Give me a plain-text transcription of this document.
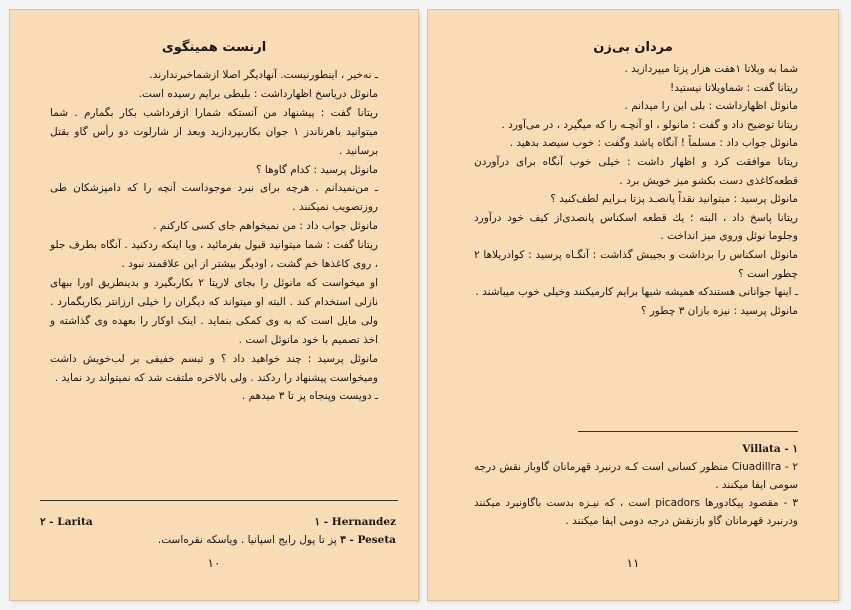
ارنست همینگوی

ـ نه‌خیر ، اینطورنیست. آنهادیگر اصلا ازشماخبرندارند.

مانوئل دریاسخ اظهارداشت : بلیطی برایم رسیده است.

ریتانا گفت : پیشنهاد من آنستکه شمارا ازفرداشب بکار بگمارم . شما میتوانید باهرناندز ۱ جوان بکاربپردازید وبعد از شارلوت دو رأس گاو بقتل برسانید .

مانوئل پرسید : کدام گاوها ؟

ـ من‌نمیدانم . هرچه برای نبرد موجوداست آنچه را که دامپزشکان طی روزتصویب نمیکنند .

مانوئل جواب داد : من نمیخواهم جای کسی کارکنم .

ریتانا گفت : شما میتوانید قبول بفرمائید ، ویا اینکه ردکنید . آنگاه بطرف جلو ، روی کاغذها خم گشت ، اودیگر بیشتر از این علاقمند نبود .

او میخواست که مانوئل را بجای لاریتا ۲ بکاربگیرد و بدینطریق اورا ببهای نازلی استخدام کند . البته او میتواند که دیگران را خیلی ارزانتر بکاربگمارد . ولی مایل است که به وی کمکی بنماید . اینک اوکار را بعهده وی گذاشته و اخذ تصمیم با خود مانوئل است .

مانوئل پرسید : چند خواهید داد ؟ و تبسم خفیفی بر لب‌خویش داشت ومیخواست پیشنهاد را ردکند . ولی بالاخره ملتفت شد که نمیتواند رد نماید .

ـ دویست وپنجاه پز تا ۳ میدهم .

۱ - Hernandez
۲ - Larita

۳ - Peseta پز تا پول رایج اسپانیا . ویا‌سکه نقره‌است.

۱۰
مردان بی‌زن

شما به ویلاتا ۱هفت هزار پزتا میپردازید .

ریتانا گفت : شماویلاتا نیستید!

مانوئل اظهارداشت : بلی این را میدانم .

ریتانا توضیح داد و گفت : مانولو ، او آنچـه را که میگیرد ، در می‌آورد .

مانوئل جواب داد : مسلماً ! آنگاه پاشد وگفت : خوب سیصد بدهید .

ریتانا موافقت کرد و اظهار داشت : خیلی خوب آنگاه برای درآوردن قطعه‌کاغذی دست بکشو میز خویش برد .

مانوئل پرسید : میتوانید نقداً پانصـد پزتا بـرایم لطف‌کنید ؟

ریتانا پاسخ داد ، البته ؛ یك قطعه اسکناس پانصدی‌از کیف خود درآورد وجلوما نوئل وروی میز انداخت .

مانوئل اسکناس را برداشت و بجیبش گذاشت : آنگـاه پرسید : کوادریلاها ۲ چطور است ؟

ـ اینها جوانانی هستندکه همیشه شبها برایم کارمیکنند وخیلی خوب میباشند .

مانوئل پرسید : نیزه بازان ۳ چطور ؟

۱ - Villata

۲ - Ciuadillra منظور کسانی است کـه درنبرد قهرمانان گاوباز نقش درجه سومی ایفا میکنند .

۳ - مقصود پیکادورها picadors است ، که نیـزه بدست باگاونبرد میکنند ودرنبرد قهرمانان گاو بازنقش درجه دومی ایفا میکنند .

۱۱
